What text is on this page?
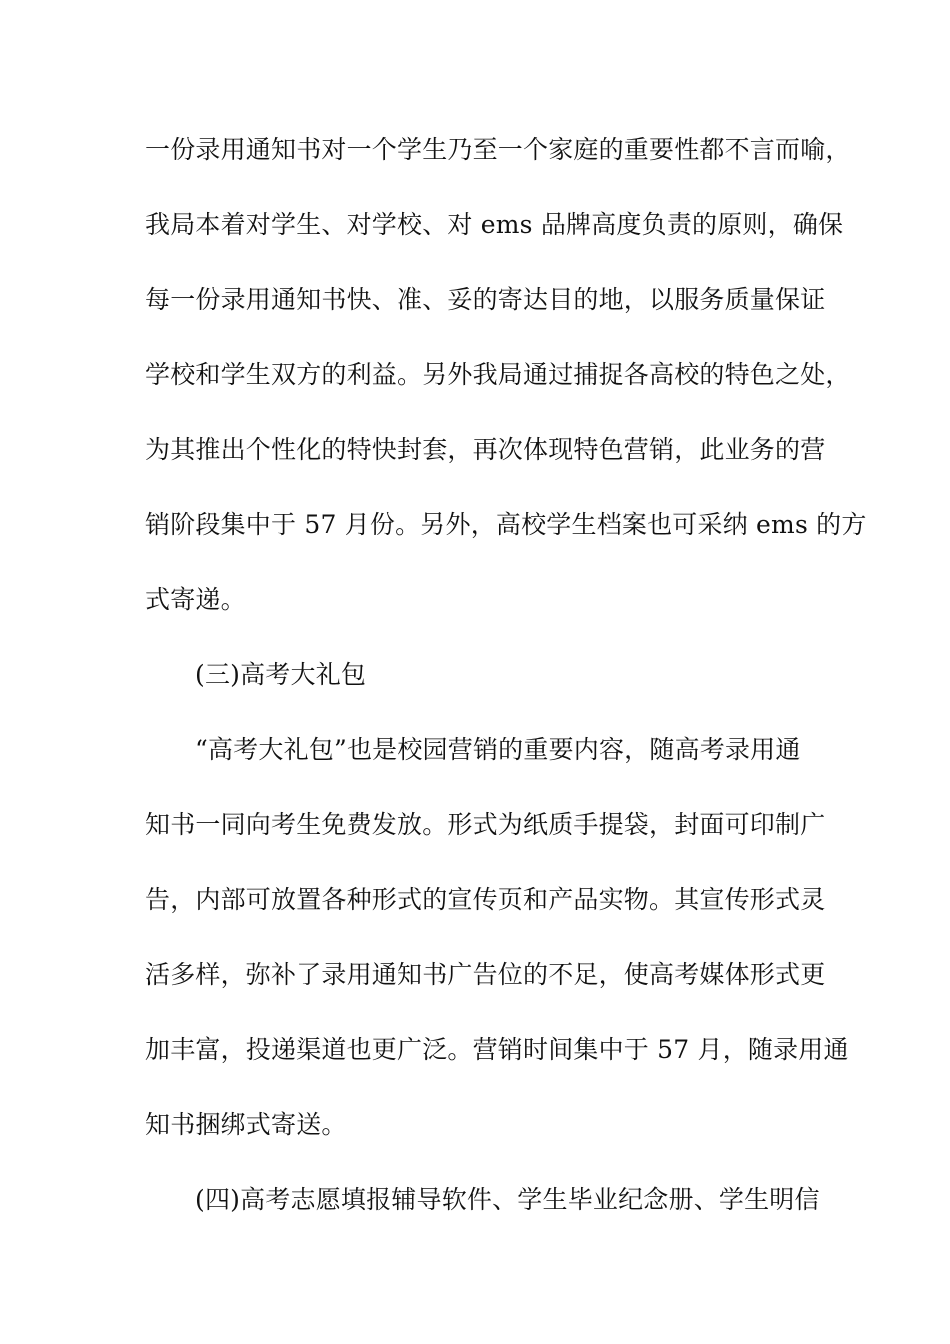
一份录用通知书对一个学生乃至一个家庭的重要性都不言而喻，
我局本着对学生、对学校、对 ems 品牌高度负责的原则，确保
每一份录用通知书快、准、妥的寄达目的地，以服务质量保证
学校和学生双方的利益。另外我局通过捕捉各高校的特色之处，
为其推出个性化的特快封套，再次体现特色营销，此业务的营
销阶段集中于 57 月份。另外，高校学生档案也可采纳 ems 的方
式寄递。
(三)高考大礼包
“高考大礼包”也是校园营销的重要内容，随高考录用通
知书一同向考生免费发放。形式为纸质手提袋，封面可印制广
告，内部可放置各种形式的宣传页和产品实物。其宣传形式灵
活多样，弥补了录用通知书广告位的不足，使高考媒体形式更
加丰富，投递渠道也更广泛。营销时间集中于 57 月，随录用通
知书捆绑式寄送。
(四)高考志愿填报辅导软件、学生毕业纪念册、学生明信
